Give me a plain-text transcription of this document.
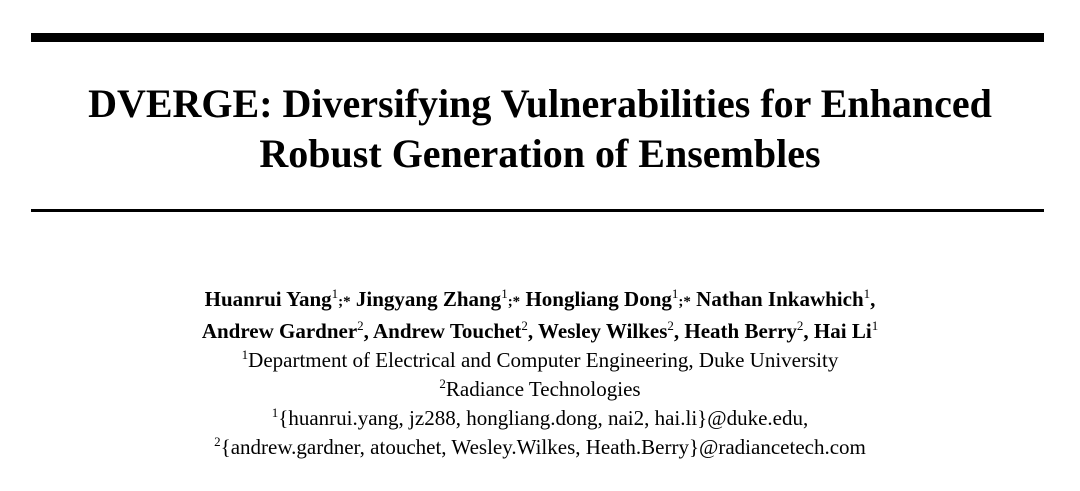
DVERGE: Diversifying Vulnerabilities for Enhanced
Robust Generation of Ensembles
Huanrui Yang$^1$;* Jingyang Zhang$^1$;* Hongliang Dong$^1$;* Nathan Inkawhich$^1$,
Andrew Gardner$^2$, Andrew Touchet$^2$, Wesley Wilkes$^2$, Heath Berry$^2$, Hai Li$^1$
$^1$Department of Electrical and Computer Engineering, Duke University
$^2$Radiance Technologies
$^1${huanrui.yang, jz288, hongliang.dong, nai2, hai.li}@duke.edu,
$^2${andrew.gardner, atouchet, Wesley.Wilkes, Heath.Berry}@radiancetech.com
